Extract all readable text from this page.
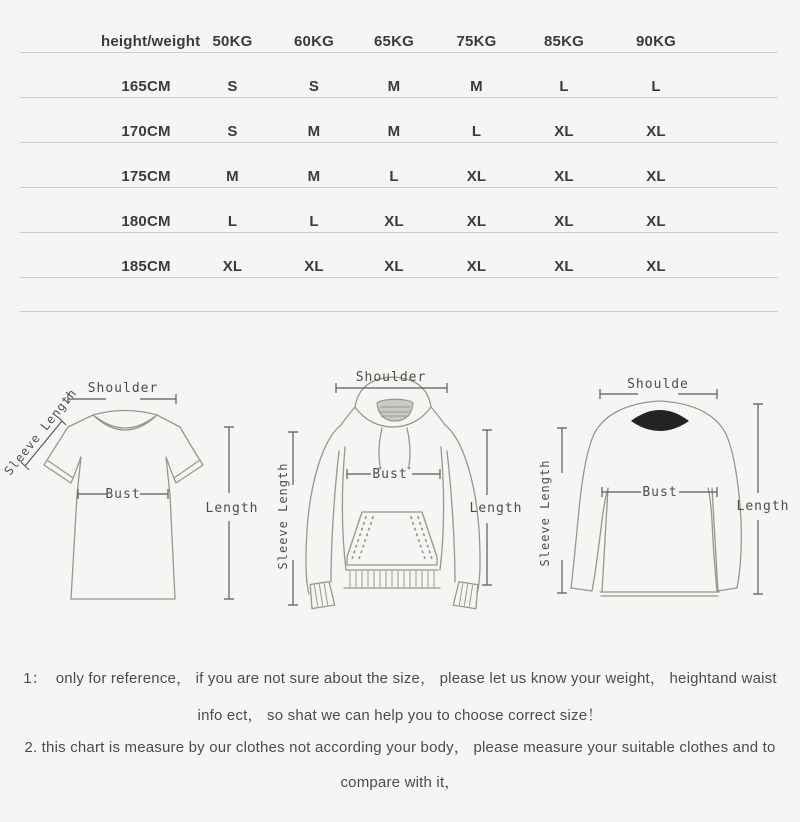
height/weight 50KG	60KG	65KG	75KG	85KG	90KG
165CM	S	S	M	M	L	L
170CM	S	M	M	L	XL	XL
175CM	M	M	L	XL	XL	XL
180CM	L	L	XL	XL	XL	XL
185CM	XL	XL	XL	XL	XL	XL
Shoulder
Bust
Length
Sleeve Length
Shoulder
Bust
Length
Sleeve Length
Shoulde
Bust
Length
Sleeve Length
1：  only for reference， if you are not sure about the size， please let us know your weight， heightand waist
info ect， so shat we can help you to choose correct size！
2. this chart is measure by our clothes not according your body， please measure your suitable clothes and to
compare with it，
